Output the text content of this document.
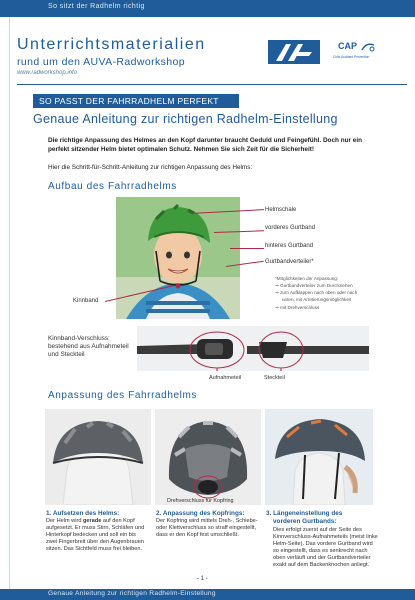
So sitzt der Radhelm richtig
Unterrichtsmaterialien
rund um den AUVA-Radworkshop
www.radworkshop.info
CAP
Child Accident Prevention
SO PASST DER FAHRRADHELM PERFEKT
Genaue Anleitung zur richtigen Radhelm-Einstellung
Die richtige Anpassung des Helmes an den Kopf darunter braucht Geduld und Feingefühl. Doch nur ein perfekt sitzender Helm bietet optimalen Schutz. Nehmen Sie sich Zeit für die Sicherheit!
Hier die Schritt-für-Schritt-Anleitung zur richtigen Anpassung des Helms:
Aufbau des Fahrradhelms
Helmschale
vorderes Gurtband
hinteres Gurtband
Gurtbandverteiler*
*Möglichkeiten der Anpassung:
⇒ Gurtbandverteiler zum Durchziehen
⇒ zum Aufklappen nach oben oder nach
unten, mit Arretierungsmöglichkeit
⇒ mit Drehverschluss
Kinnband
Kinnband-Verschluss: bestehend aus Aufnahmeteil und Steckteil
Aufnahmeteil	Steckteil
Anpassung des Fahrradhelms
Drehverschluss für Kopfring
1. Aufsetzen des Helms:
Der Helm wird gerade auf den Kopf aufgesetzt. Er muss Stirn, Schläfen und Hinterkopf bedecken und soll ein bis zwei Fingerbreit über den Augenbrauen sitzen. Das Sichtfeld muss frei bleiben.
2. Anpassung des Kopfrings:
Der Kopfring wird mittels Dreh-, Schiebe- oder Klettverschluss so straff eingestellt, dass er den Kopf fest umschließt.
3. Längeneinstellung des
vorderen Gurtbands:
Dies erfolgt zuerst auf der Seite des Kinnverschluss-Aufnahmeteils (meist linke Helm-Seite). Das vordere Gurtband wird so eingestellt, dass es senkrecht nach oben verläuft und der Gurtbandverteiler exakt auf dem Backenknochen anliegt.
- 1 -
Genaue Anleitung zur richtigen Radhelm-Einstellung
